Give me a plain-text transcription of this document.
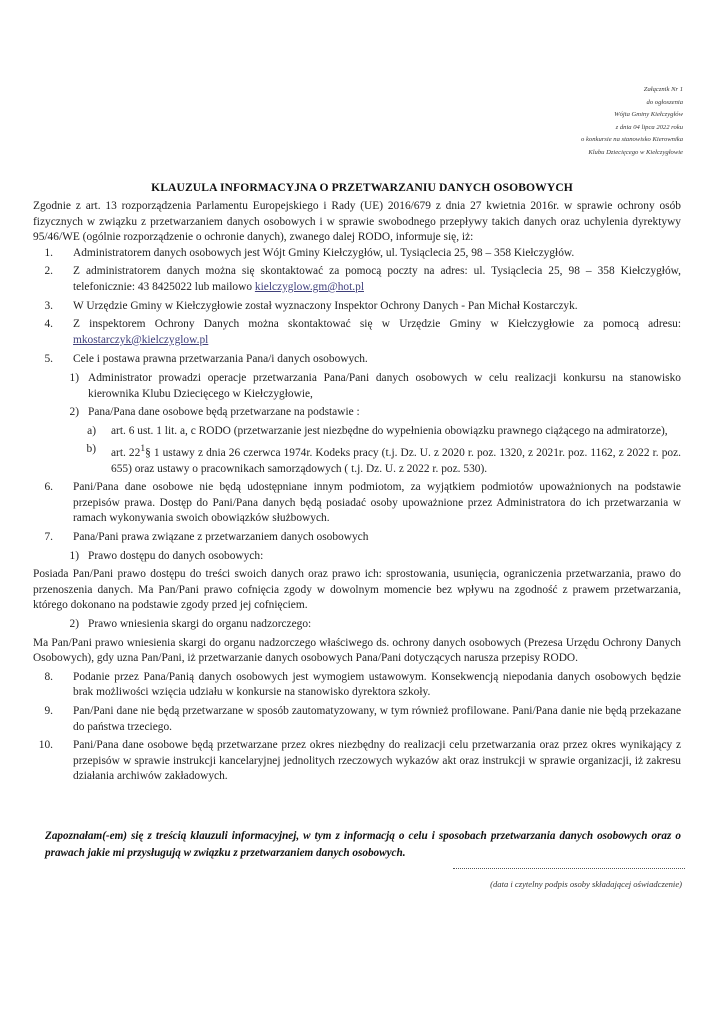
Załącznik Nr 1
do ogłoszenia
Wójta Gminy Kiełczygłów
z dnia 04 lipca 2022 roku
o konkursie na stanowisko Kierownika
Klubu Dziecięcego w Kiełczygłowie
KLAUZULA INFORMACYJNA O PRZETWARZANIU DANYCH OSOBOWYCH
Zgodnie z art. 13 rozporządzenia Parlamentu Europejskiego i Rady (UE) 2016/679 z dnia 27 kwietnia 2016r. w sprawie ochrony osób fizycznych w związku z przetwarzaniem danych osobowych i w sprawie swobodnego przepływy takich danych oraz uchylenia dyrektywy 95/46/WE (ogólnie rozporządzenie o ochronie danych), zwanego dalej RODO, informuje się, iż:
1. Administratorem danych osobowych jest Wójt Gminy Kiełczygłów, ul. Tysiąclecia 25, 98 – 358 Kiełczygłów.
2. Z administratorem danych można się skontaktować za pomocą poczty na adres: ul. Tysiąclecia 25, 98 – 358 Kiełczygłów, telefonicznie: 43 8425022 lub mailowo kielczyglow.gm@hot.pl
3. W Urzędzie Gminy w Kiełczygłowie został wyznaczony Inspektor Ochrony Danych - Pan Michał Kostarczyk.
4. Z inspektorem Ochrony Danych można skontaktować się w Urzędzie Gminy w Kiełczygłowie za pomocą adresu: mkostarczyk@kielczyglow.pl
5. Cele i postawa prawna przetwarzania Pana/i danych osobowych.
1) Administrator prowadzi operacje przetwarzania Pana/Pani danych osobowych w celu realizacji konkursu na stanowisko kierownika Klubu Dziecięcego w Kiełczygłowie,
2) Pana/Pana dane osobowe będą przetwarzane na podstawie :
a) art. 6 ust. 1 lit. a, c RODO (przetwarzanie jest niezbędne do wypełnienia obowiązku prawnego ciążącego na admiratorze),
b) art. $22^1\S$ 1 ustawy z dnia 26 czerwca 1974r. Kodeks pracy (t.j. Dz. U. z 2020 r. poz. 1320, z 2021r. poz. 1162, z 2022 r. poz. 655) oraz ustawy o pracownikach samorządowych ( t.j. Dz. U. z 2022 r. poz. 530).
6. Pani/Pana dane osobowe nie będą udostępniane innym podmiotom, za wyjątkiem podmiotów upoważnionych na podstawie przepisów prawa. Dostęp do Pani/Pana danych będą posiadać osoby upoważnione przez Administratora do ich przetwarzania w ramach wykonywania swoich obowiązków służbowych.
7. Pana/Pani prawa związane z przetwarzaniem danych osobowych
1) Prawo dostępu do danych osobowych:
Posiada Pan/Pani prawo dostępu do treści swoich danych oraz prawo ich: sprostowania, usunięcia, ograniczenia przetwarzania, prawo do przenoszenia danych. Ma Pan/Pani prawo cofnięcia zgody w dowolnym momencie bez wpływu na zgodność z prawem przetwarzania, którego dokonano na podstawie zgody przed jej cofnięciem.
2) Prawo wniesienia skargi do organu nadzorczego:
Ma Pan/Pani prawo wniesienia skargi do organu nadzorczego właściwego ds. ochrony danych osobowych (Prezesa Urzędu Ochrony Danych Osobowych), gdy uzna Pan/Pani, iż przetwarzanie danych osobowych Pana/Pani dotyczących narusza przepisy RODO.
8. Podanie przez Pana/Panią danych osobowych jest wymogiem ustawowym. Konsekwencją niepodania danych osobowych będzie brak możliwości wzięcia udziału w konkursie na stanowisko dyrektora szkoły.
9. Pan/Pani dane nie będą przetwarzane w sposób zautomatyzowany, w tym również profilowane. Pani/Pana danie nie będą przekazane do państwa trzeciego.
10. Pani/Pana dane osobowe będą przetwarzane przez okres niezbędny do realizacji celu przetwarzania oraz przez okres wynikający z przepisów w sprawie instrukcji kancelaryjnej jednolitych rzeczowych wykazów akt oraz instrukcji w sprawie organizacji, iż zakresu działania archiwów zakładowych.
Zapoznałam(-em) się z treścią klauzuli informacyjnej, w tym z informacją o celu i sposobach przetwarzania danych osobowych oraz o prawach jakie mi przysługują w związku z przetwarzaniem danych osobowych.
(data i czytelny podpis osoby składającej oświadczenie)
